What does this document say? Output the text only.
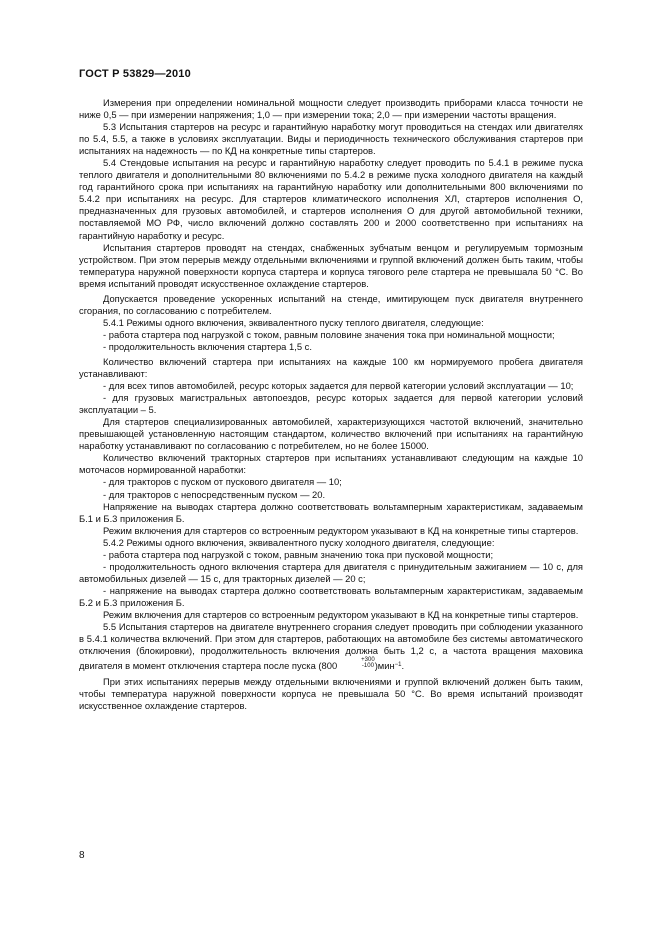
ГОСТ Р 53829—2010

Измерения при определении номинальной мощности следует производить приборами класса точности не ниже 0,5 — при измерении напряжения; 1,0 — при измерении тока; 2,0 — при измерении частоты вращения.

5.3 Испытания стартеров на ресурс и гарантийную наработку могут проводиться на стендах или двигателях по 5.4, 5.5, а также в условиях эксплуатации. Виды и периодичность технического обслуживания стартеров при испытаниях на надежность — по КД на конкретные типы стартеров.

5.4 Стендовые испытания на ресурс и гарантийную наработку следует проводить по 5.4.1 в режиме пуска теплого двигателя и дополнительными 80 включениями по 5.4.2 в режиме пуска холодного двигателя на каждый год гарантийного срока при испытаниях на гарантийную наработку или дополнительными 800 включениями по 5.4.2 при испытаниях на ресурс. Для стартеров климатического исполнения ХЛ, стартеров исполнения О, предназначенных для грузовых автомобилей, и стартеров исполнения О для другой автомобильной техники, поставляемой МО РФ, число включений должно составлять 200 и 2000 соответственно при испытаниях на гарантийную наработку и ресурс.

Испытания стартеров проводят на стендах, снабженных зубчатым венцом и регулируемым тормозным устройством. При этом перерыв между отдельными включениями и группой включений должен быть таким, чтобы температура наружной поверхности корпуса стартера и корпуса тягового реле стартера не превышала 50 °С. Во время испытаний проводят искусственное охлаждение стартеров.

Допускается проведение ускоренных испытаний на стенде, имитирующем пуск двигателя внутреннего сгорания, по согласованию с потребителем.

5.4.1 Режимы одного включения, эквивалентного пуску теплого двигателя, следующие:

- работа стартера под нагрузкой с током, равным половине значения тока при номинальной мощности;

- продолжительность включения стартера 1,5 с.

Количество включений стартера при испытаниях на каждые 100 км нормируемого пробега двигателя устанавливают:

- для всех типов автомобилей, ресурс которых задается для первой категории условий эксплуатации — 10;

- для грузовых магистральных автопоездов, ресурс которых задается для первой категории условий эксплуатации – 5.

Для стартеров специализированных автомобилей, характеризующихся частотой включений, значительно превышающей установленную настоящим стандартом, количество включений при испытаниях на гарантийную наработку устанавливают по согласованию с потребителем, но не более 15000.

Количество включений тракторных стартеров при испытаниях устанавливают следующим на каждые 10 моточасов нормированной наработки:

- для тракторов с пуском от пускового двигателя — 10;

- для тракторов с непосредственным пуском — 20.

Напряжение на выводах стартера должно соответствовать вольтамперным характеристикам, задаваемым Б.1 и Б.3 приложения Б.

Режим включения для стартеров со встроенным редуктором указывают в КД на конкретные типы стартеров.

5.4.2 Режимы одного включения, эквивалентного пуску холодного двигателя, следующие:

- работа стартера под нагрузкой с током, равным значению тока при пусковой мощности;

- продолжительность одного включения стартера для двигателя с принудительным зажиганием — 10 с, для автомобильных дизелей — 15 с, для тракторных дизелей — 20 с;

- напряжение на выводах стартера должно соответствовать вольтамперным характеристикам, задаваемым Б.2 и Б.3 приложения Б.

Режим включения для стартеров со встроенным редуктором указывают в КД на конкретные типы стартеров.

5.5 Испытания стартеров на двигателе внутреннего сгорания следует проводить при соблюдении указанного в 5.4.1 количества включений. При этом для стартеров, работающих на автомобиле без системы автоматического отключения (блокировки), продолжительность включения должна быть 1,2 с, а частота вращения маховика двигателя в момент отключения стартера после пуска (800	$^{+300 -100}$ )мин$^{-1}$.

При этих испытаниях перерыв между отдельными включениями и группой включений должен быть таким, чтобы температура наружной поверхности корпуса не превышала 50 °С. Во время испытаний производят искусственное охлаждение стартеров.

8
